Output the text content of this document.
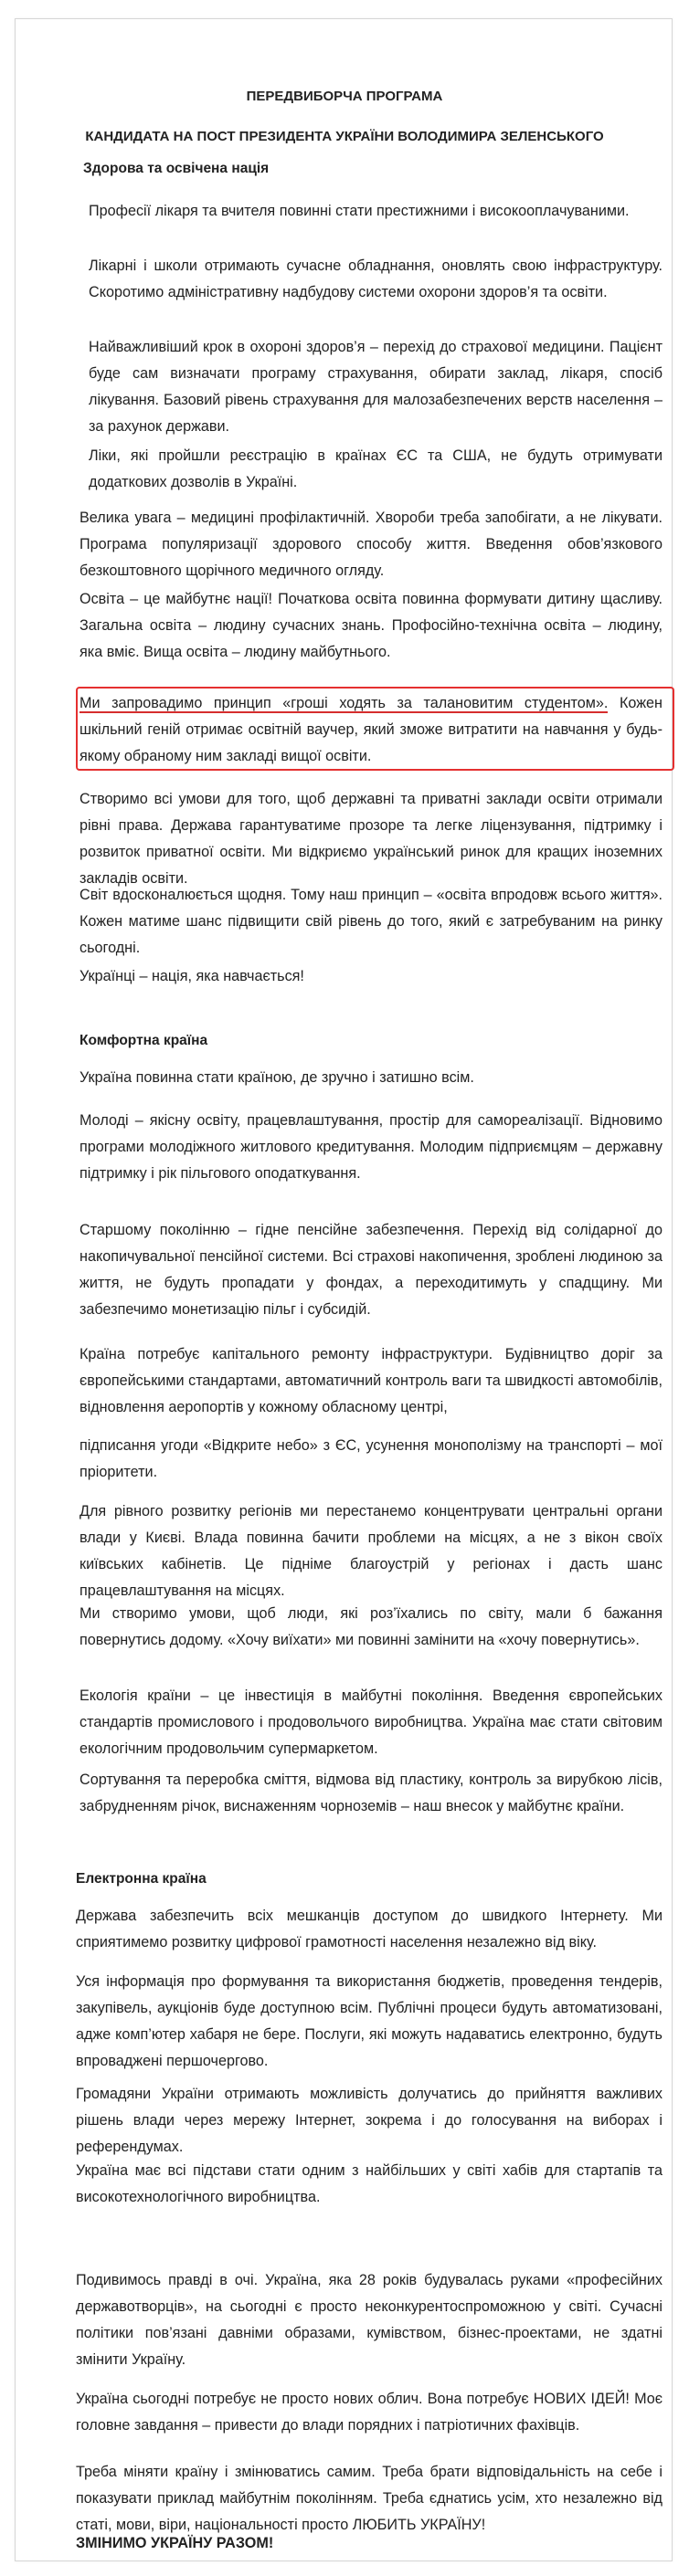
ПЕРЕДВИБОРЧА ПРОГРАМА

КАНДИДАТА НА ПОСТ ПРЕЗИДЕНТА УКРАЇНИ ВОЛОДИМИРА ЗЕЛЕНСЬКОГО

Здорова та освічена нація

Професії лікаря та вчителя повинні стати престижними і високооплачуваними.

Лікарні і школи отримають сучасне обладнання, оновлять свою інфраструктуру. Скоротимо адміністративну надбудову системи охорони здоров’я та освіти.

Найважливіший крок в охороні здоров’я – перехід до страхової медицини. Пацієнт буде сам визначати програму страхування, обирати заклад, лікаря, спосіб лікування. Базовий рівень страхування для малозабезпечених верств населення – за рахунок держави.

Ліки, які пройшли реєстрацію в країнах ЄС та США, не будуть отримувати додаткових дозволів в Україні.

Велика увага – медицині профілактичній. Хвороби треба запобігати, а не лікувати. Програма популяризації здорового способу життя. Введення обов’язкового безкоштовного щорічного медичного огляду.

Освіта – це майбутнє нації! Початкова освіта повинна формувати дитину щасливу. Загальна освіта – людину сучасних знань. Профосійно-технічна освіта – людину, яка вміє. Вища освіта – людину майбутнього.

Ми запровадимо принцип «гроші ходять за талановитим студентом». Кожен шкільний геній отримає освітній ваучер, який зможе витратити на навчання у будь-якому обраному ним закладі вищої освіти.

Створимо всі умови для того, щоб державні та приватні заклади освіти отримали рівні права. Держава гарантуватиме прозоре та легке ліцензування, підтримку і розвиток приватної освіти. Ми відкриємо український ринок для кращих іноземних закладів освіти.

Світ вдосконалюється щодня. Тому наш принцип – «освіта впродовж всього життя». Кожен матиме шанс підвищити свій рівень до того, який є затребуваним на ринку сьогодні.

Українці – нація, яка навчається!

Комфортна країна

Україна повинна стати країною, де зручно і затишно всім.

Молоді – якісну освіту, працевлаштування, простір для самореалізації. Відновимо програми молодіжного житлового кредитування. Молодим підприємцям – державну підтримку і рік пільгового оподаткування.

Старшому поколінню – гідне пенсійне забезпечення. Перехід від солідарної до накопичувальної пенсійної системи. Всі страхові накопичення, зроблені людиною за життя, не будуть пропадати у фондах, а переходитимуть у спадщину. Ми забезпечимо монетизацію пільг і субсидій.

Країна потребує капітального ремонту інфраструктури. Будівництво доріг за європейськими стандартами, автоматичний контроль ваги та швидкості автомобілів, відновлення аеропортів у кожному обласному центрі,

підписання угоди «Відкрите небо» з ЄС, усунення монополізму на транспорті – мої пріоритети.

Для рівного розвитку регіонів ми перестанемо концентрувати центральні органи влади у Києві. Влада повинна бачити проблеми на місцях, а не з вікон своїх київських кабінетів. Це підніме благоустрій у регіонах і дасть шанс працевлаштування на місцях.

Ми створимо умови, щоб люди, які роз’їхались по світу, мали б бажання повернутись додому. «Хочу виїхати» ми повинні замінити на «хочу повернутись».

Екологія країни – це інвестиція в майбутні покоління. Введення європейських стандартів промислового і продовольчого виробництва. Україна має стати світовим екологічним продовольчим супермаркетом.

Сортування та переробка сміття, відмова від пластику, контроль за вирубкою лісів, забрудненням річок, виснаженням чорноземів – наш внесок у майбутнє країни.

Електронна країна

Держава забезпечить всіх мешканців доступом до швидкого Інтернету. Ми сприятимемо розвитку цифрової грамотності населення незалежно від віку.

Уся інформація про формування та використання бюджетів, проведення тендерів, закупівель, аукціонів буде доступною всім. Публічні процеси будуть автоматизовані, адже комп’ютер хабаря не бере. Послуги, які можуть надаватись електронно, будуть впроваджені першочергово.

Громадяни України отримають можливість долучатись до прийняття важливих рішень влади через мережу Інтернет, зокрема і до голосування на виборах і референдумах.

Україна має всі підстави стати одним з найбільших у світі хабів для стартапів та високотехнологічного виробництва.

Подивимось правді в очі. Україна, яка 28 років будувалась руками «професійних державотворців», на сьогодні є просто неконкурентоспроможною у світі. Сучасні політики пов’язані давніми образами, кумівством, бізнес-проектами, не здатні змінити Україну.

Україна сьогодні потребує не просто нових облич. Вона потребує НОВИХ ІДЕЙ! Моє головне завдання – привести до влади порядних і патріотичних фахівців.

Треба міняти країну і змінюватись самим. Треба брати відповідальність на себе і показувати приклад майбутнім поколінням. Треба єднатись усім, хто незалежно від статі, мови, віри, національності просто ЛЮБИТЬ УКРАЇНУ!

ЗМІНИМО УКРАЇНУ РАЗОМ!
